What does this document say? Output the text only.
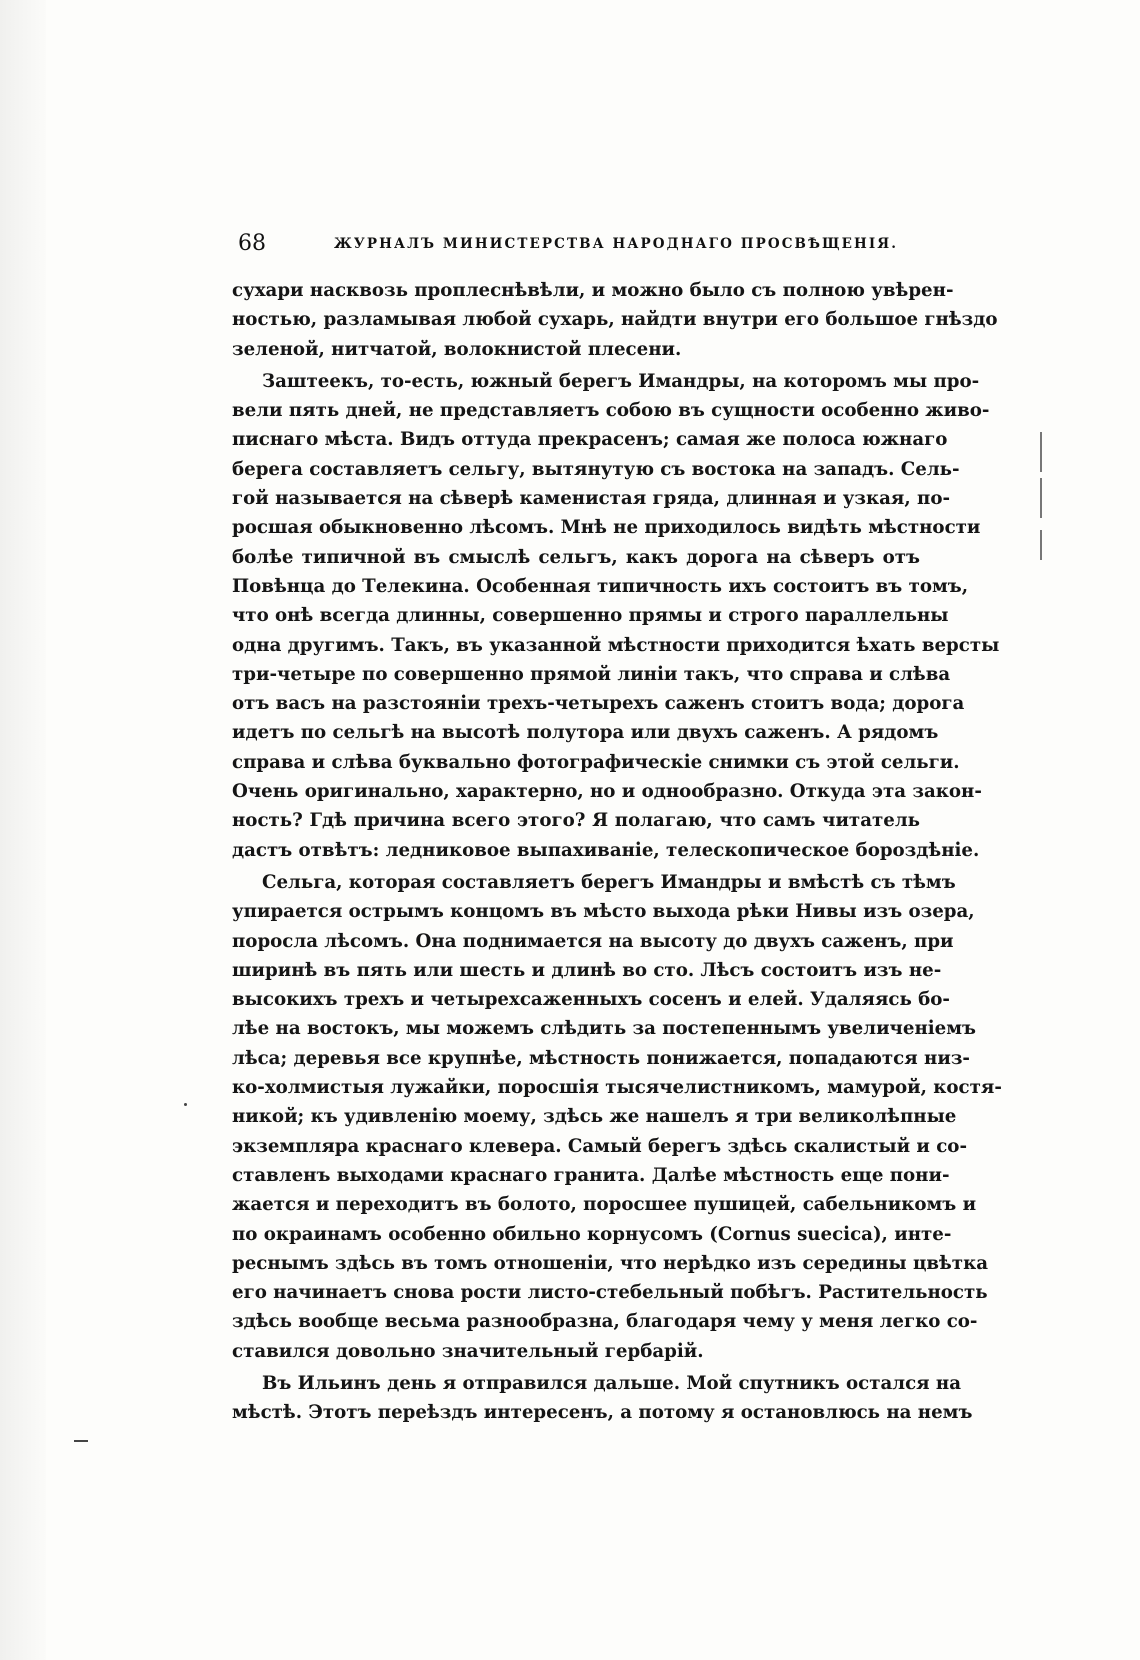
68	ЖУРНАЛЪ МИНИСТЕРСТВА НАРОДНАГО ПРОСВѢЩЕНІЯ.
сухари насквозь проплеснѣвѣли, и можно было съ полною увѣрен-
ностью, разламывая любой сухарь, найдти внутри его большое гнѣздо
зеленой, нитчатой, волокнистой плесени.
Заштеекъ, то-есть, южный берегъ Имандры, на которомъ мы про-
вели пять дней, не представляетъ собою въ сущности особенно живо-
писнаго мѣста. Видъ оттуда прекрасенъ; самая же полоса южнаго
берега составляетъ сельгу, вытянутую съ востока на западъ. Сель-
гой называется на сѣверѣ каменистая гряда, длинная и узкая, по-
росшая обыкновенно лѣсомъ. Мнѣ не приходилось видѣть мѣстности
болѣе типичной въ смыслѣ сельгъ, какъ дорога на сѣверъ отъ
Повѣнца до Телекина. Особенная типичность ихъ состоитъ въ томъ,
что онѣ всегда длинны, совершенно прямы и строго параллельны
одна другимъ. Такъ, въ указанной мѣстности приходится ѣхать версты
три-четыре по совершенно прямой линіи такъ, что справа и слѣва
отъ васъ на разстояніи трехъ-четырехъ саженъ стоитъ вода; дорога
идетъ по сельгѣ на высотѣ полутора или двухъ саженъ. А рядомъ
справа и слѣва буквально фотографическіе снимки съ этой сельги.
Очень оригинально, характерно, но и однообразно. Откуда эта закон-
ность? Гдѣ причина всего этого? Я полагаю, что самъ читатель
дастъ отвѣтъ: ледниковое выпахиваніе, телескопическое бороздѣніе.
Сельга, которая составляетъ берегъ Имандры и вмѣстѣ съ тѣмъ
упирается острымъ концомъ въ мѣсто выхода рѣки Нивы изъ озера,
поросла лѣсомъ. Она поднимается на высоту до двухъ саженъ, при
ширинѣ въ пять или шесть и длинѣ во сто. Лѣсъ состоитъ изъ не-
высокихъ трехъ и четырехсаженныхъ сосенъ и елей. Удаляясь бо-
лѣе на востокъ, мы можемъ слѣдить за постепеннымъ увеличеніемъ
лѣса; деревья все крупнѣе, мѣстность понижается, попадаются низ-
ко-холмистыя лужайки, поросшія тысячелистникомъ, мамурой, костя-
никой; къ удивленію моему, здѣсь же нашелъ я три великолѣпные
экземпляра краснаго клевера. Самый берегъ здѣсь скалистый и со-
ставленъ выходами краснаго гранита. Далѣе мѣстность еще пони-
жается и переходитъ въ болото, поросшее пушицей, сабельникомъ и
по окраинамъ особенно обильно корнусомъ (Cornus suecica), инте-
реснымъ здѣсь въ томъ отношеніи, что нерѣдко изъ середины цвѣтка
его начинаетъ снова рости листо-стебельный побѣгъ. Растительность
здѣсь вообще весьма разнообразна, благодаря чему у меня легко со-
ставился довольно значительный гербарій.
Въ Ильинъ день я отправился дальше. Мой спутникъ остался на
мѣстѣ. Этотъ переѣздъ интересенъ, а потому я остановлюсь на немъ
